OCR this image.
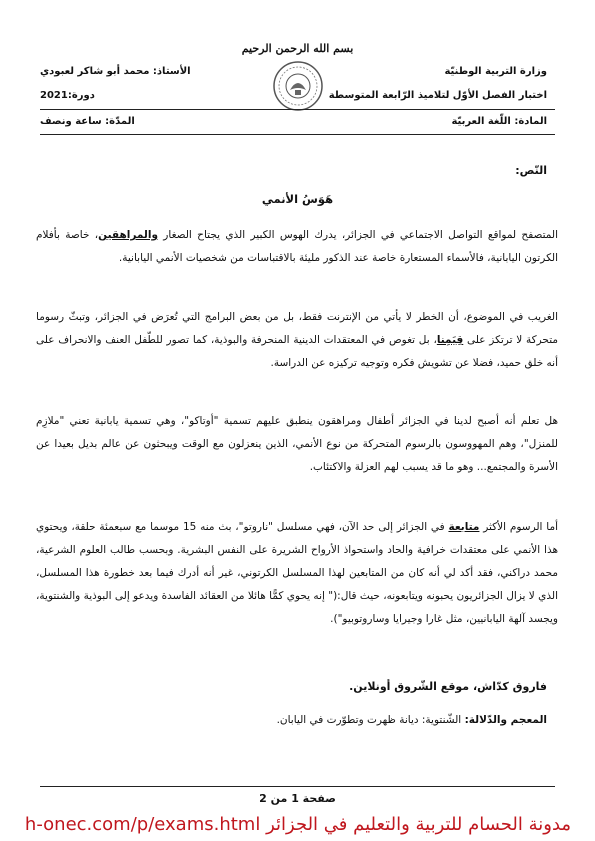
بسم الله الرحمن الرحيم
وزارة التربية الوطنيّة
الأستاذ: محمد أبو شاكر لعبودي
اختبار الفصل الأوّل لتلاميذ الرّابعة المتوسطة
دورة:2021
المادة: اللّغة العربيّة
المدّة: ساعة ونصف
النّص:
هَوَسُ الأنمي
المتصفح لمواقع التواصل الاجتماعي في الجزائر، يدرك الهوس الكبير الذي يجتاح الصغار والمراهقين، خاصة بأفلام الكرتون اليابانية، فالأسماء المستعارة خاصة عند الذكور مليئة بالاقتباسات من شخصيات الأنمي اليابانية.
الغريب في الموضوع، أن الخطر لا يأتي من الإنترنت فقط، بل من بعض البرامج التي تُعرَض في الجزائر، وتبثّ رسوما متحركة لا ترتكز على قِيَمِنا، بل تغوص في المعتقدات الدينية المنحرفة والبوذية، كما تصور للطّفل العنف والانحراف على أنه خلق حميد، فضلا عن تشويش فكره وتوجيه تركيزه عن الدراسة.
هل تعلم أنه أصبح لدينا في الجزائر أطفال ومراهقون ينطبق عليهم تسمية "أوتاكو"، وهي تسمية يابانية تعني "ملازِم للمنزل"، وهم المهووسون بالرسوم المتحركة من نوع الأنمي، الذين ينعزلون مع الوقت ويبحثون عن عالم بديل بعيدا عن الأسرة والمجتمع... وهو ما قد يسبب لهم العزلة والاكتئاب.
أما الرسوم الأكثر متابعة في الجزائر إلى حد الآن، فهي مسلسل "ناروتو"، بث منه 15 موسما مع سبعمئة حلقة، ويحتوي هذا الأنمي على معتقدات خرافية والحاد واستحواذ الأرواح الشريرة على النفس البشرية. وبحسب طالب العلوم الشرعية، محمد دراكني، فقد أكد لي أنه كان من المتابعين لهذا المسلسل الكرتوني، غير أنه أدرك فيما بعد خطورة هذا المسلسل، الذي لا يزال الجزائريون يحبونه ويتابعونه، حيث قال:(" إنه يحوي كمًّا هائلا من العقائد الفاسدة ويدعو إلى البوذية والشنتوية، ويجسد آلهة اليابانيين، مثل غارا وجيرايا وساروتوبيو").
فاروق كدّاش، موقع الشّروق أونلاين.
المعجم والدّلالة: الشّنتوية: ديانة ظهرت وتطوّرت في اليابان.
صفحة 1 من 2
h-onec.com/p/exams.html مدونة الحسام للتربية والتعليم في الجزائر
